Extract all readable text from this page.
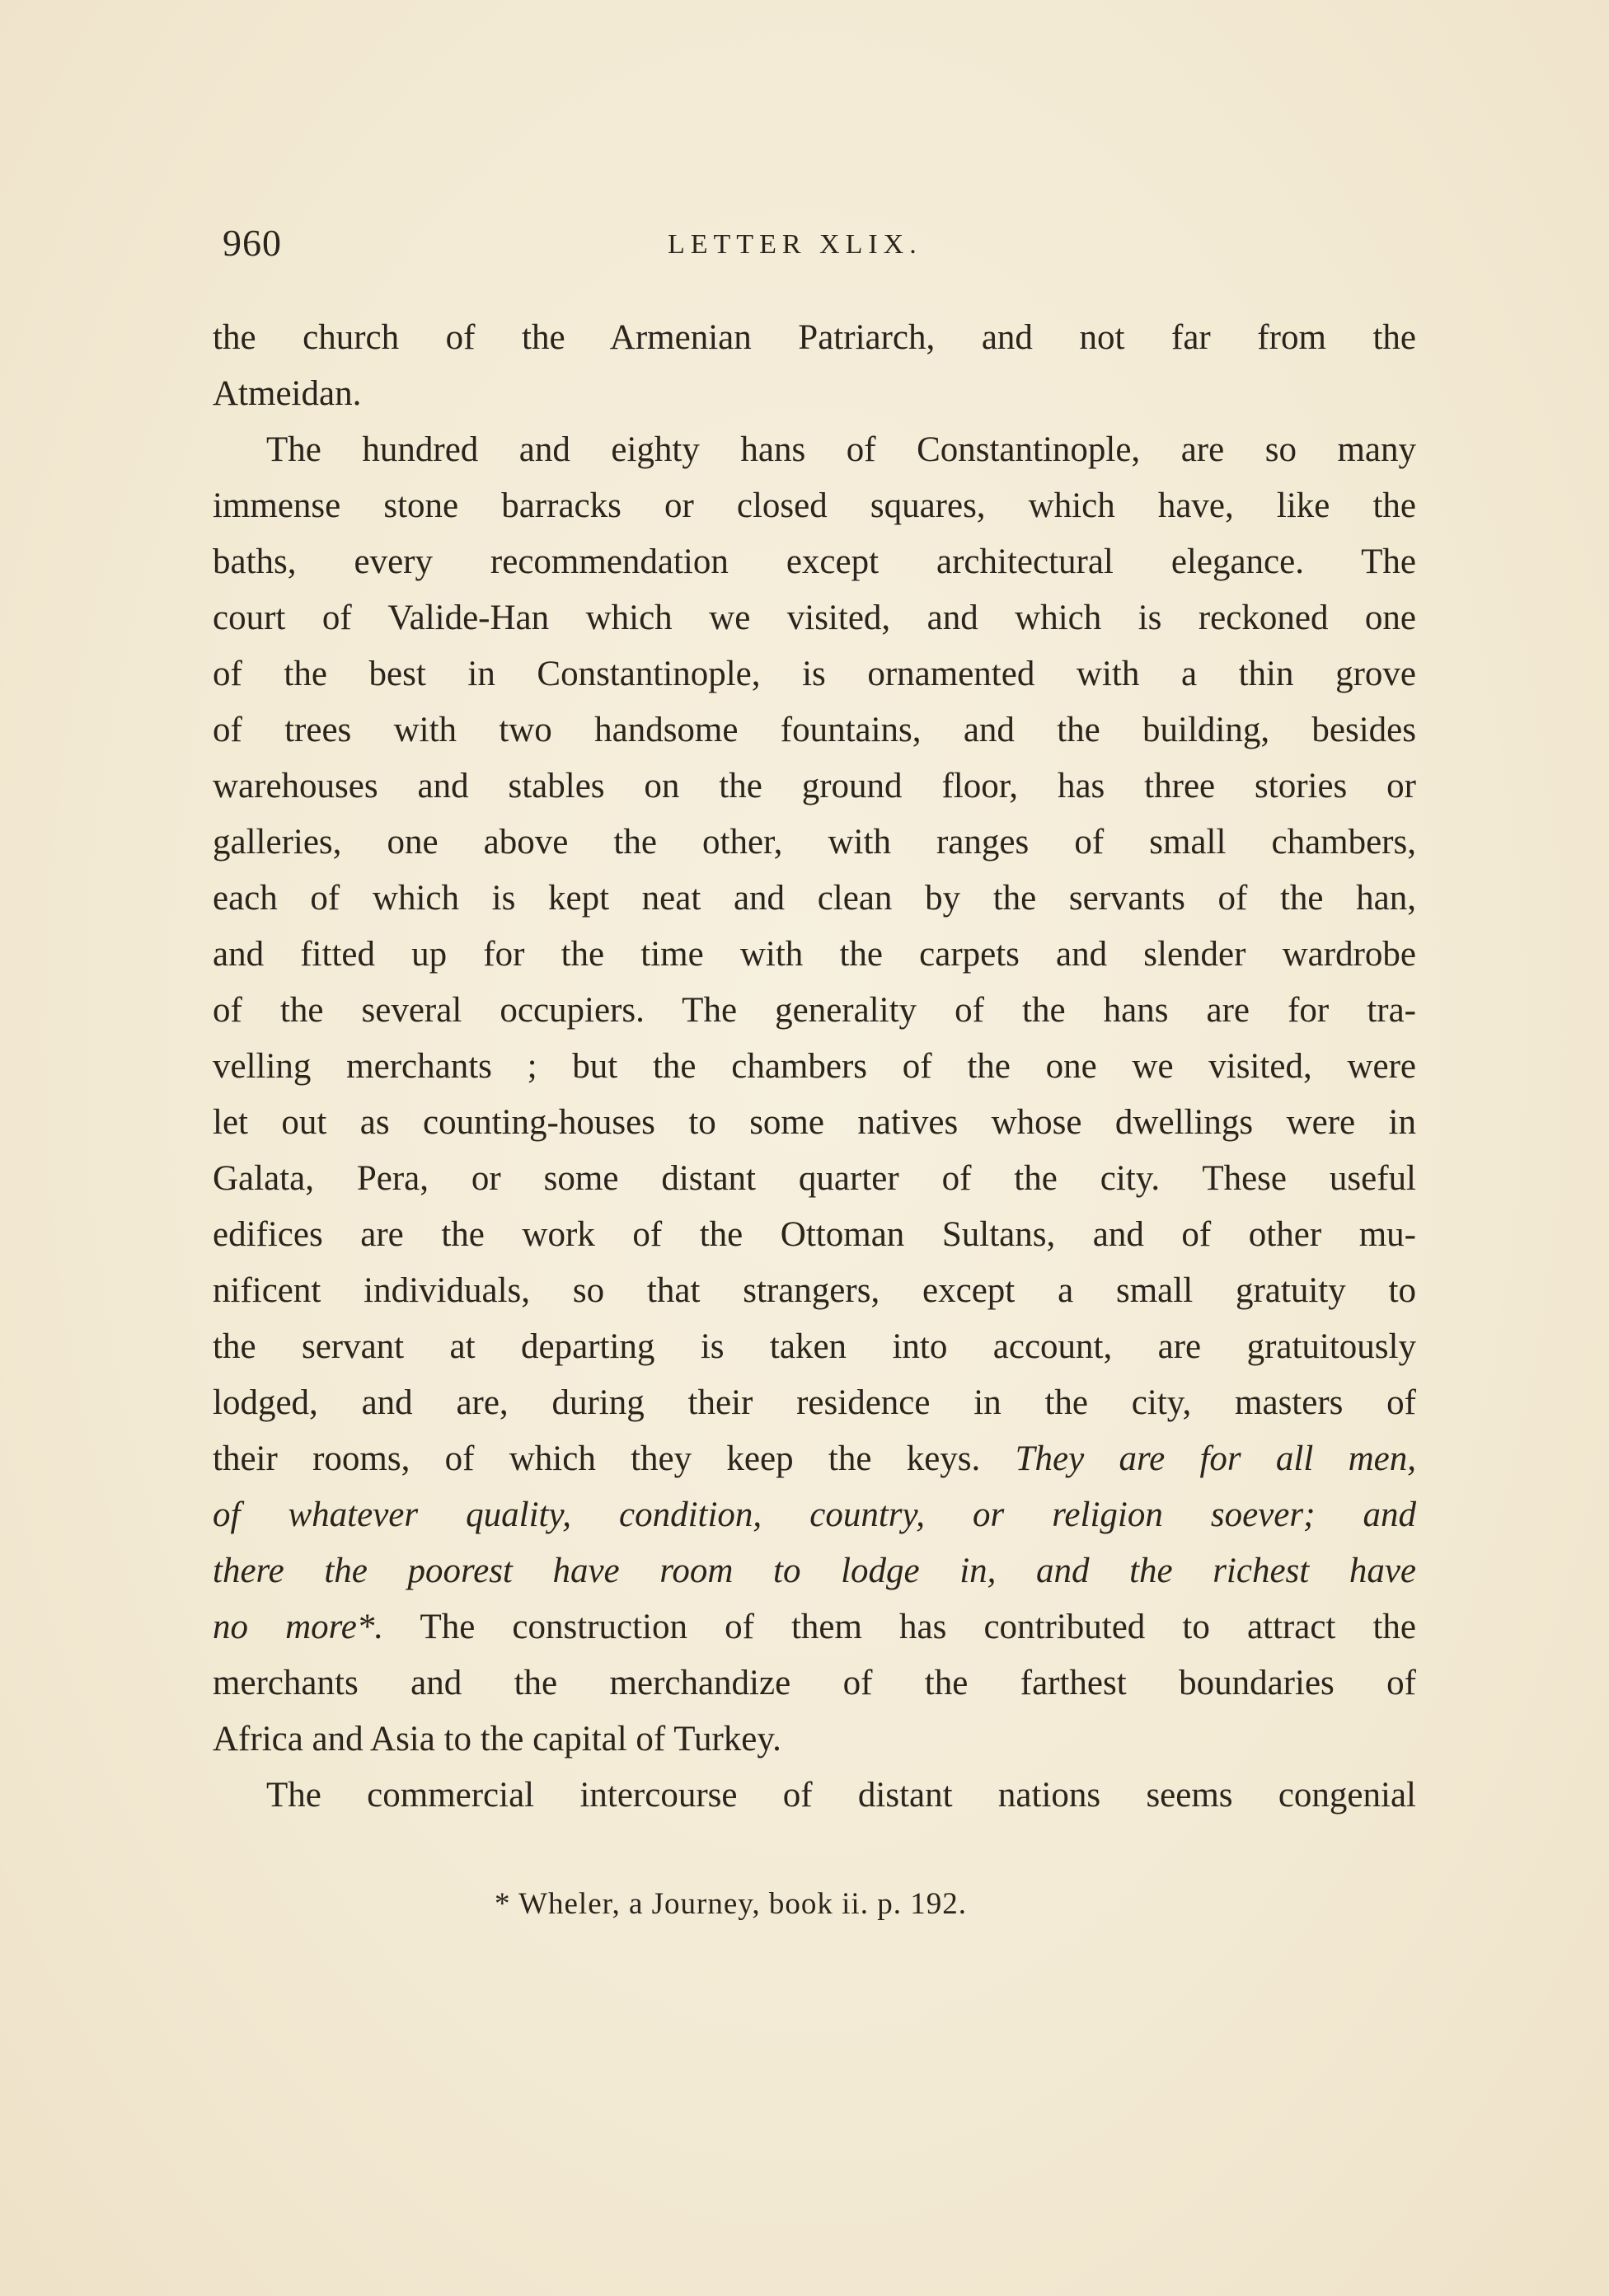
960	LETTER XLIX.
the church of the Armenian Patriarch, and not far from the
Atmeidan.
The hundred and eighty hans of Constantinople, are so many
immense stone barracks or closed squares, which have, like the
baths, every recommendation except architectural elegance. The
court of Valide-Han which we visited, and which is reckoned one
of the best in Constantinople, is ornamented with a thin grove
of trees with two handsome fountains, and the building, besides
warehouses and stables on the ground floor, has three stories or
galleries, one above the other, with ranges of small chambers,
each of which is kept neat and clean by the servants of the han,
and fitted up for the time with the carpets and slender wardrobe
of the several occupiers. The generality of the hans are for tra-
velling merchants ; but the chambers of the one we visited, were
let out as counting-houses to some natives whose dwellings were in
Galata, Pera, or some distant quarter of the city. These useful
edifices are the work of the Ottoman Sultans, and of other mu-
nificent individuals, so that strangers, except a small gratuity to
the servant at departing is taken into account, are gratuitously
lodged, and are, during their residence in the city, masters of
their rooms, of which they keep the keys. They are for all men,
of whatever quality, condition, country, or religion soever; and
there the poorest have room to lodge in, and the richest have
no more*. The construction of them has contributed to attract the
merchants and the merchandize of the farthest boundaries of
Africa and Asia to the capital of Turkey.
The commercial intercourse of distant nations seems congenial
* Wheler, a Journey, book ii. p. 192.
